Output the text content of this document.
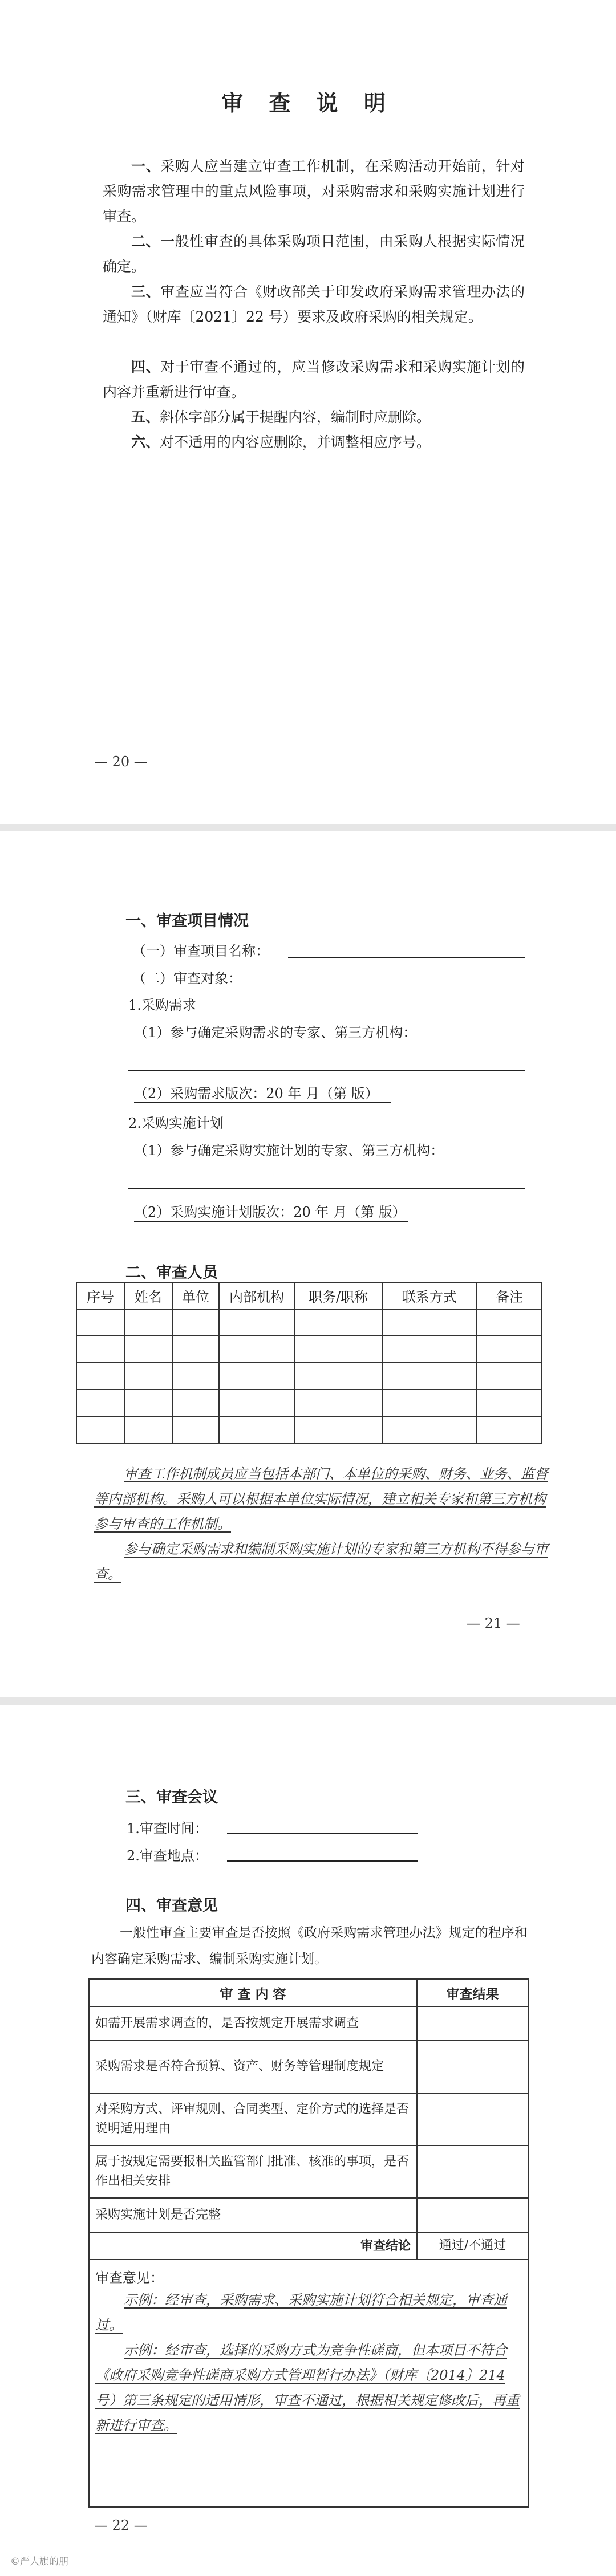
审 查 说 明

一、采购人应当建立审查工作机制，在采购活动开始前，针对采购需求管理中的重点风险事项，对采购需求和采购实施计划进行审查。

二、一般性审查的具体采购项目范围，由采购人根据实际情况确定。

三、审查应当符合《财政部关于印发政府采购需求管理办法的通知》（财库〔2021〕22 号）要求及政府采购的相关规定。

四、对于审查不通过的，应当修改采购需求和采购实施计划的内容并重新进行审查。

五、斜体字部分属于提醒内容，编制时应删除。

六、对不适用的内容应删除，并调整相应序号。

— 20 —
一、审查项目情况
（一）审查项目名称：
（二）审查对象：
1.采购需求
（1）参与确定采购需求的专家、第三方机构：
（2）采购需求版次：20 年 月（第 版）
2.采购实施计划
（1）参与确定采购实施计划的专家、第三方机构：
（2）采购实施计划版次：20 年 月（第 版）
二、审查人员
序号	姓名	单位	内部机构	职务/职称	联系方式	备注

审查工作机制成员应当包括本部门、本单位的采购、财务、业务、监督等内部机构。采购人可以根据本单位实际情况，建立相关专家和第三方机构参与审查的工作机制。

参与确定采购需求和编制采购实施计划的专家和第三方机构不得参与审查。

— 21 —
三、审查会议
1.审查时间：
2.审查地点：
四、审查意见

一般性审查主要审查是否按照《政府采购需求管理办法》规定的程序和内容确定采购需求、编制采购实施计划。

审 查 内 容	审查结果
如需开展需求调查的，是否按规定开展需求调查	
采购需求是否符合预算、资产、财务等管理制度规定	
对采购方式、评审规则、合同类型、定价方式的选择是否说明适用理由	
属于按规定需要报相关监管部门批准、核准的事项，是否作出相关安排	
采购实施计划是否完整	
审查结论	通过/不通过

审查意见：

示例：经审查，采购需求、采购实施计划符合相关规定，审查通过。

示例：经审查，选择的采购方式为竞争性磋商，但本项目不符合《政府采购竞争性磋商采购方式管理暂行办法》（财库〔2014〕214 号）第三条规定的适用情形，审查不通过，根据相关规定修改后，再重新进行审查。	

— 22 —
©严大旗的朋
